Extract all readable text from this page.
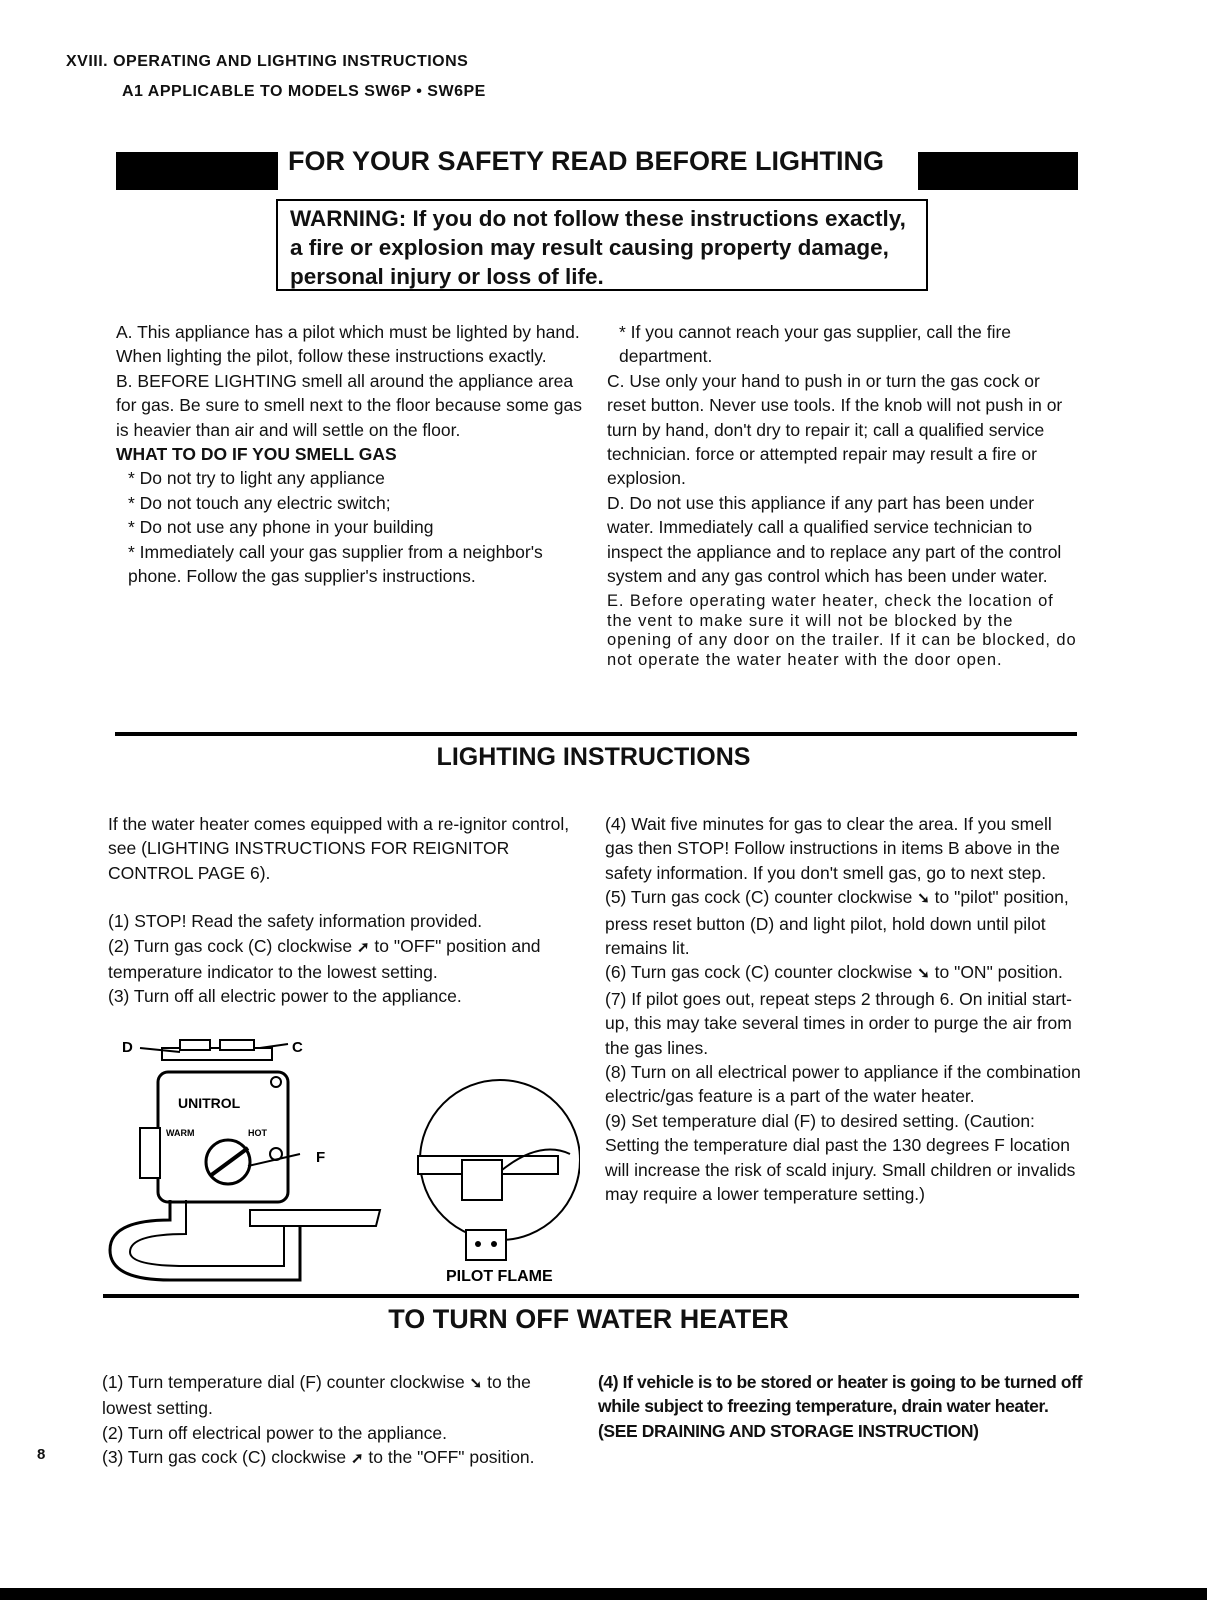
XVIII. OPERATING AND LIGHTING INSTRUCTIONS
A1 APPLICABLE TO MODELS SW6P • SW6PE
FOR YOUR SAFETY READ BEFORE LIGHTING
WARNING: If you do not follow these instructions exactly,
a fire or explosion may result causing property damage,
personal injury or loss of life.

A. This appliance has a pilot which must be lighted by hand. When lighting the pilot, follow these instructions exactly.

B. BEFORE LIGHTING smell all around the appliance area for gas. Be sure to smell next to the floor because some gas is heavier than air and will settle on the floor.

WHAT TO DO IF YOU SMELL GAS

* Do not try to light any appliance

* Do not touch any electric switch;

* Do not use any phone in your building

* Immediately call your gas supplier from a neighbor's phone. Follow the gas supplier's instructions.

* If you cannot reach your gas supplier, call the fire department.

C. Use only your hand to push in or turn the gas cock or reset button. Never use tools. If the knob will not push in or turn by hand, don't dry to repair it; call a qualified service technician. force or attempted repair may result a fire or explosion.

D. Do not use this appliance if any part has been under water. Immediately call a qualified service technician to inspect the appliance and to replace any part of the control system and any gas control which has been under water.

E. Before operating water heater, check the location of the vent to make sure it will not be blocked by the opening of any door on the trailer. If it can be blocked, do not operate the water heater with the door open.

LIGHTING INSTRUCTIONS

If the water heater comes equipped with a re-ignitor control, see (LIGHTING INSTRUCTIONS FOR REIGNITOR CONTROL PAGE 6).

(1) STOP! Read the safety information provided.

(2) Turn gas cock (C) clockwise ➚ to "OFF" position and temperature indicator to the lowest setting.

(3) Turn off all electric power to the appliance.

D	C
UNITROL
WARM	HOT
F
PILOT FLAME

(4) Wait five minutes for gas to clear the area. If you smell gas then STOP! Follow instructions in items B above in the safety information. If you don't smell gas, go to next step.

(5) Turn gas cock (C) counter clockwise ➘ to "pilot" position, press reset button (D) and light pilot, hold down until pilot remains lit.

(6) Turn gas cock (C) counter clockwise ➘ to "ON" position.

(7) If pilot goes out, repeat steps 2 through 6. On initial start-up, this may take several times in order to purge the air from the gas lines.

(8) Turn on all electrical power to appliance if the combination electric/gas feature is a part of the water heater.

(9) Set temperature dial (F) to desired setting. (Caution: Setting the temperature dial past the 130 degrees F location will increase the risk of scald injury. Small children or invalids may require a lower temperature setting.)

TO TURN OFF WATER HEATER

(1) Turn temperature dial (F) counter clockwise ➘ to the lowest setting.

(2) Turn off electrical power to the appliance.

(3) Turn gas cock (C) clockwise ➚ to the "OFF" position.

(4) If vehicle is to be stored or heater is going to be turned off while subject to freezing temperature, drain water heater. (SEE DRAINING AND STORAGE INSTRUCTION)

8
